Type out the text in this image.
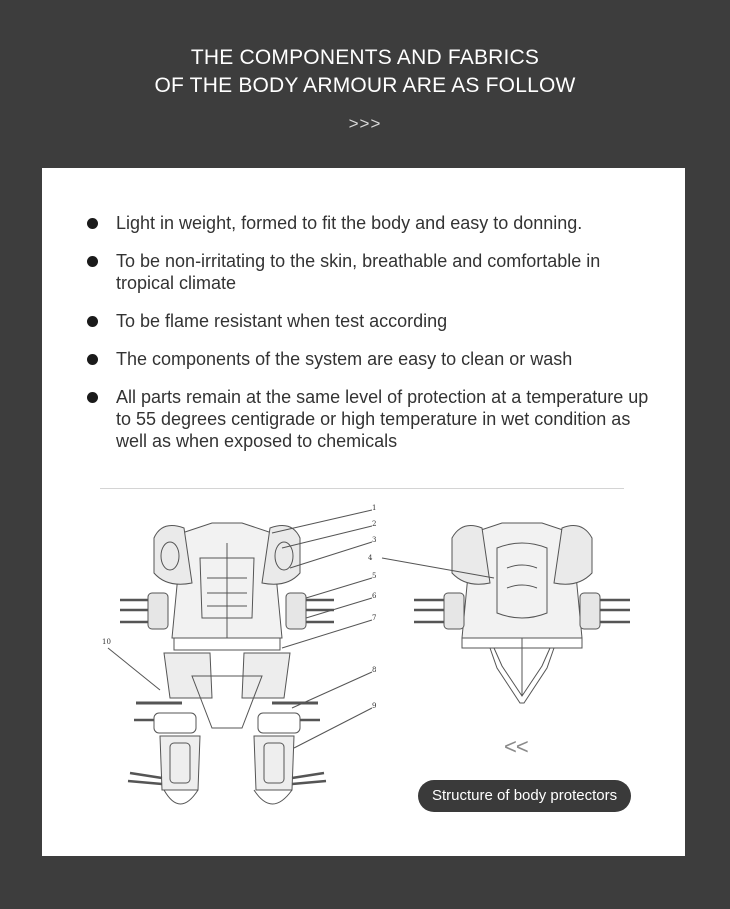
THE COMPONENTS AND FABRICS
OF THE BODY ARMOUR ARE AS FOLLOW
>>>
Light in weight, formed to fit the body and easy to donning.
To be non-irritating to the skin, breathable and comfortable in tropical climate
To be flame resistant when test according
The components of the system are easy to clean or wash
All parts remain at the same level of protection at a temperature up to 55 degrees centigrade or high temperature in wet condition as well as when exposed to chemicals
1
2
3
4
5
6
7
8
9
10
<<
Structure of body protectors
